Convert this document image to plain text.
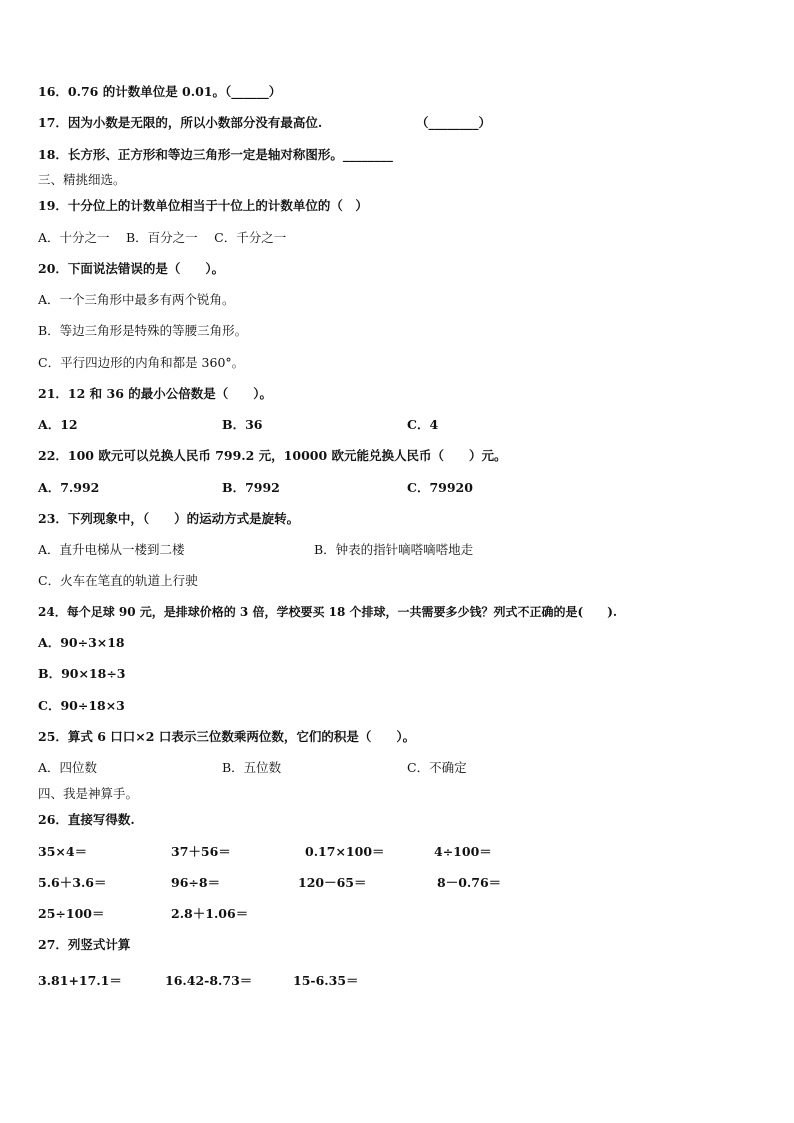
16．0.76 的计数单位是 0.01。（______）
17．因为小数是无限的，所以小数部分没有最高位.	（________）
18．长方形、正方形和等边三角形一定是轴对称图形。________
三、精挑细选。
19．十分位上的计数单位相当于十位上的计数单位的（　）
A．十分之一　 B．百分之一　 C．千分之一
20．下面说法错误的是（　　）。
A．一个三角形中最多有两个锐角。
B．等边三角形是特殊的等腰三角形。
C．平行四边形的内角和都是 360°。
21．12 和 36 的最小公倍数是（　　）。
A．12	B．36	C．4
22．100 欧元可以兑换人民币 799.2 元，10000 欧元能兑换人民币（　　）元。
A．7.992	B．7992	C．79920
23．下列现象中，（　　）的运动方式是旋转。
A．直升电梯从一楼到二楼	B．钟表的指针嘀嗒嘀嗒地走
C．火车在笔直的轨道上行驶
24．每个足球 90 元，是排球价格的 3 倍，学校要买 18 个排球，一共需要多少钱？列式不正确的是(　　).
A．90÷3×18
B．90×18÷3
C．90÷18×3
25．算式 6 口口×2 口表示三位数乘两位数，它们的积是（　　）。
A．四位数	B．五位数	C．不确定
四、我是神算手。
26．直接写得数.
35×4＝	37＋56＝	0.17×100＝	4÷100＝
5.6＋3.6＝	96÷8＝	120－65＝	8－0.76＝
25÷100＝	2.8＋1.06＝
27．列竖式计算
3.81+17.1＝	16.42-8.73＝	15-6.35＝
